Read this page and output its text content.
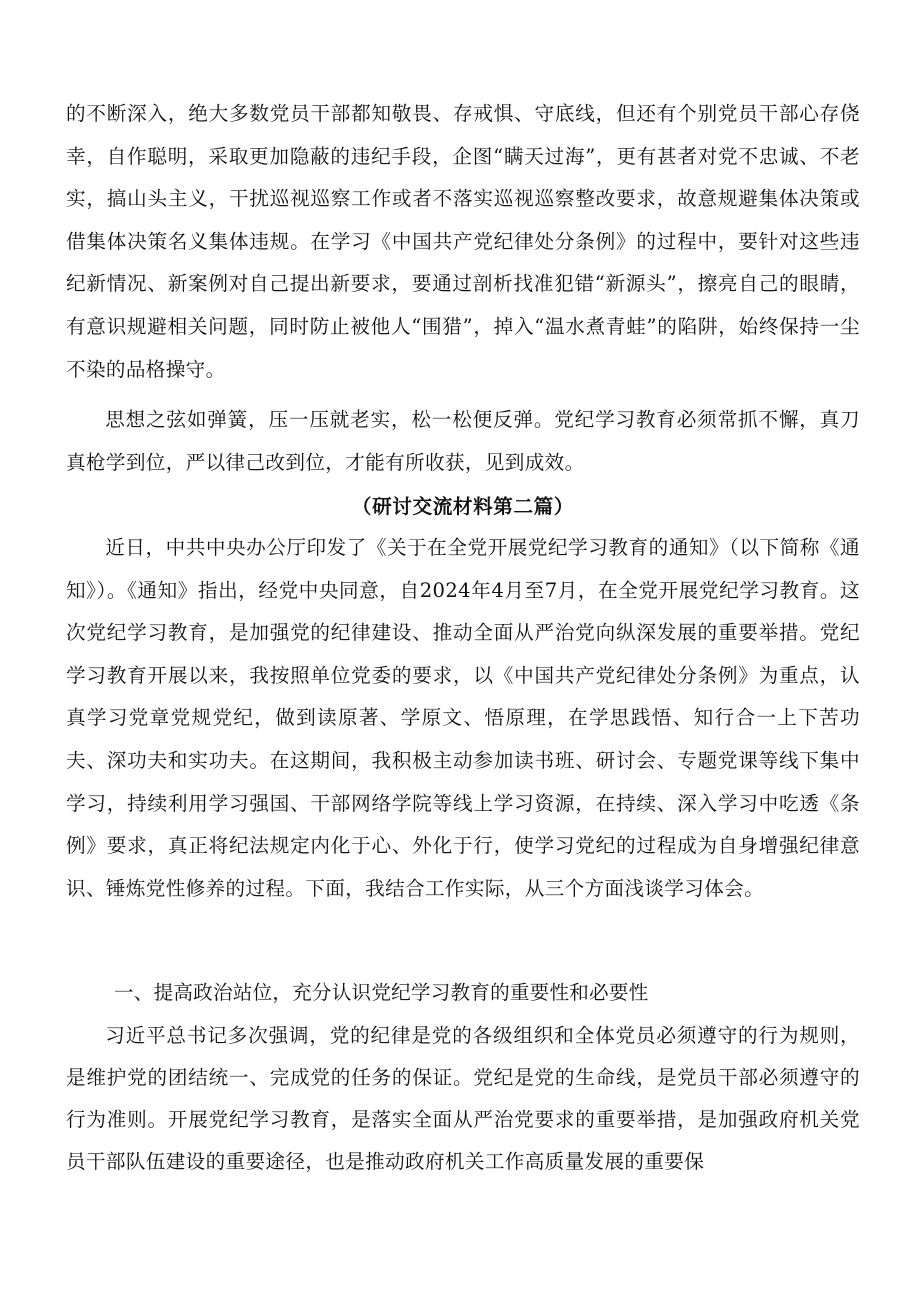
的不断深入，绝大多数党员干部都知敬畏、存戒惧、守底线，但还有个别党员干部心存侥幸，自作聪明，采取更加隐蔽的违纪手段，企图“瞒天过海”，更有甚者对党不忠诚、不老实，搞山头主义，干扰巡视巡察工作或者不落实巡视巡察整改要求，故意规避集体决策或借集体决策名义集体违规。在学习《中国共产党纪律处分条例》的过程中，要针对这些违纪新情况、新案例对自己提出新要求，要通过剖析找准犯错“新源头”，擦亮自己的眼睛，有意识规避相关问题，同时防止被他人“围猎”，掉入“温水煮青蛙”的陷阱，始终保持一尘不染的品格操守。

思想之弦如弹簧，压一压就老实，松一松便反弹。党纪学习教育必须常抓不懈，真刀真枪学到位，严以律己改到位，才能有所收获，见到成效。

（研讨交流材料第二篇）

近日，中共中央办公厅印发了《关于在全党开展党纪学习教育的通知》（以下简称《通知》）。《通知》指出，经党中央同意，自2024年4月至7月，在全党开展党纪学习教育。这次党纪学习教育，是加强党的纪律建设、推动全面从严治党向纵深发展的重要举措。党纪学习教育开展以来，我按照单位党委的要求，以《中国共产党纪律处分条例》为重点，认真学习党章党规党纪，做到读原著、学原文、悟原理，在学思践悟、知行合一上下苦功夫、深功夫和实功夫。在这期间，我积极主动参加读书班、研讨会、专题党课等线下集中学习，持续利用学习强国、干部网络学院等线上学习资源，在持续、深入学习中吃透《条例》要求，真正将纪法规定内化于心、外化于行，使学习党纪的过程成为自身增强纪律意识、锤炼党性修养的过程。下面，我结合工作实际，从三个方面浅谈学习体会。

一、提高政治站位，充分认识党纪学习教育的重要性和必要性

习近平总书记多次强调，党的纪律是党的各级组织和全体党员必须遵守的行为规则，是维护党的团结统一、完成党的任务的保证。党纪是党的生命线，是党员干部必须遵守的行为准则。开展党纪学习教育，是落实全面从严治党要求的重要举措，是加强政府机关党员干部队伍建设的重要途径，也是推动政府机关工作高质量发展的重要保
